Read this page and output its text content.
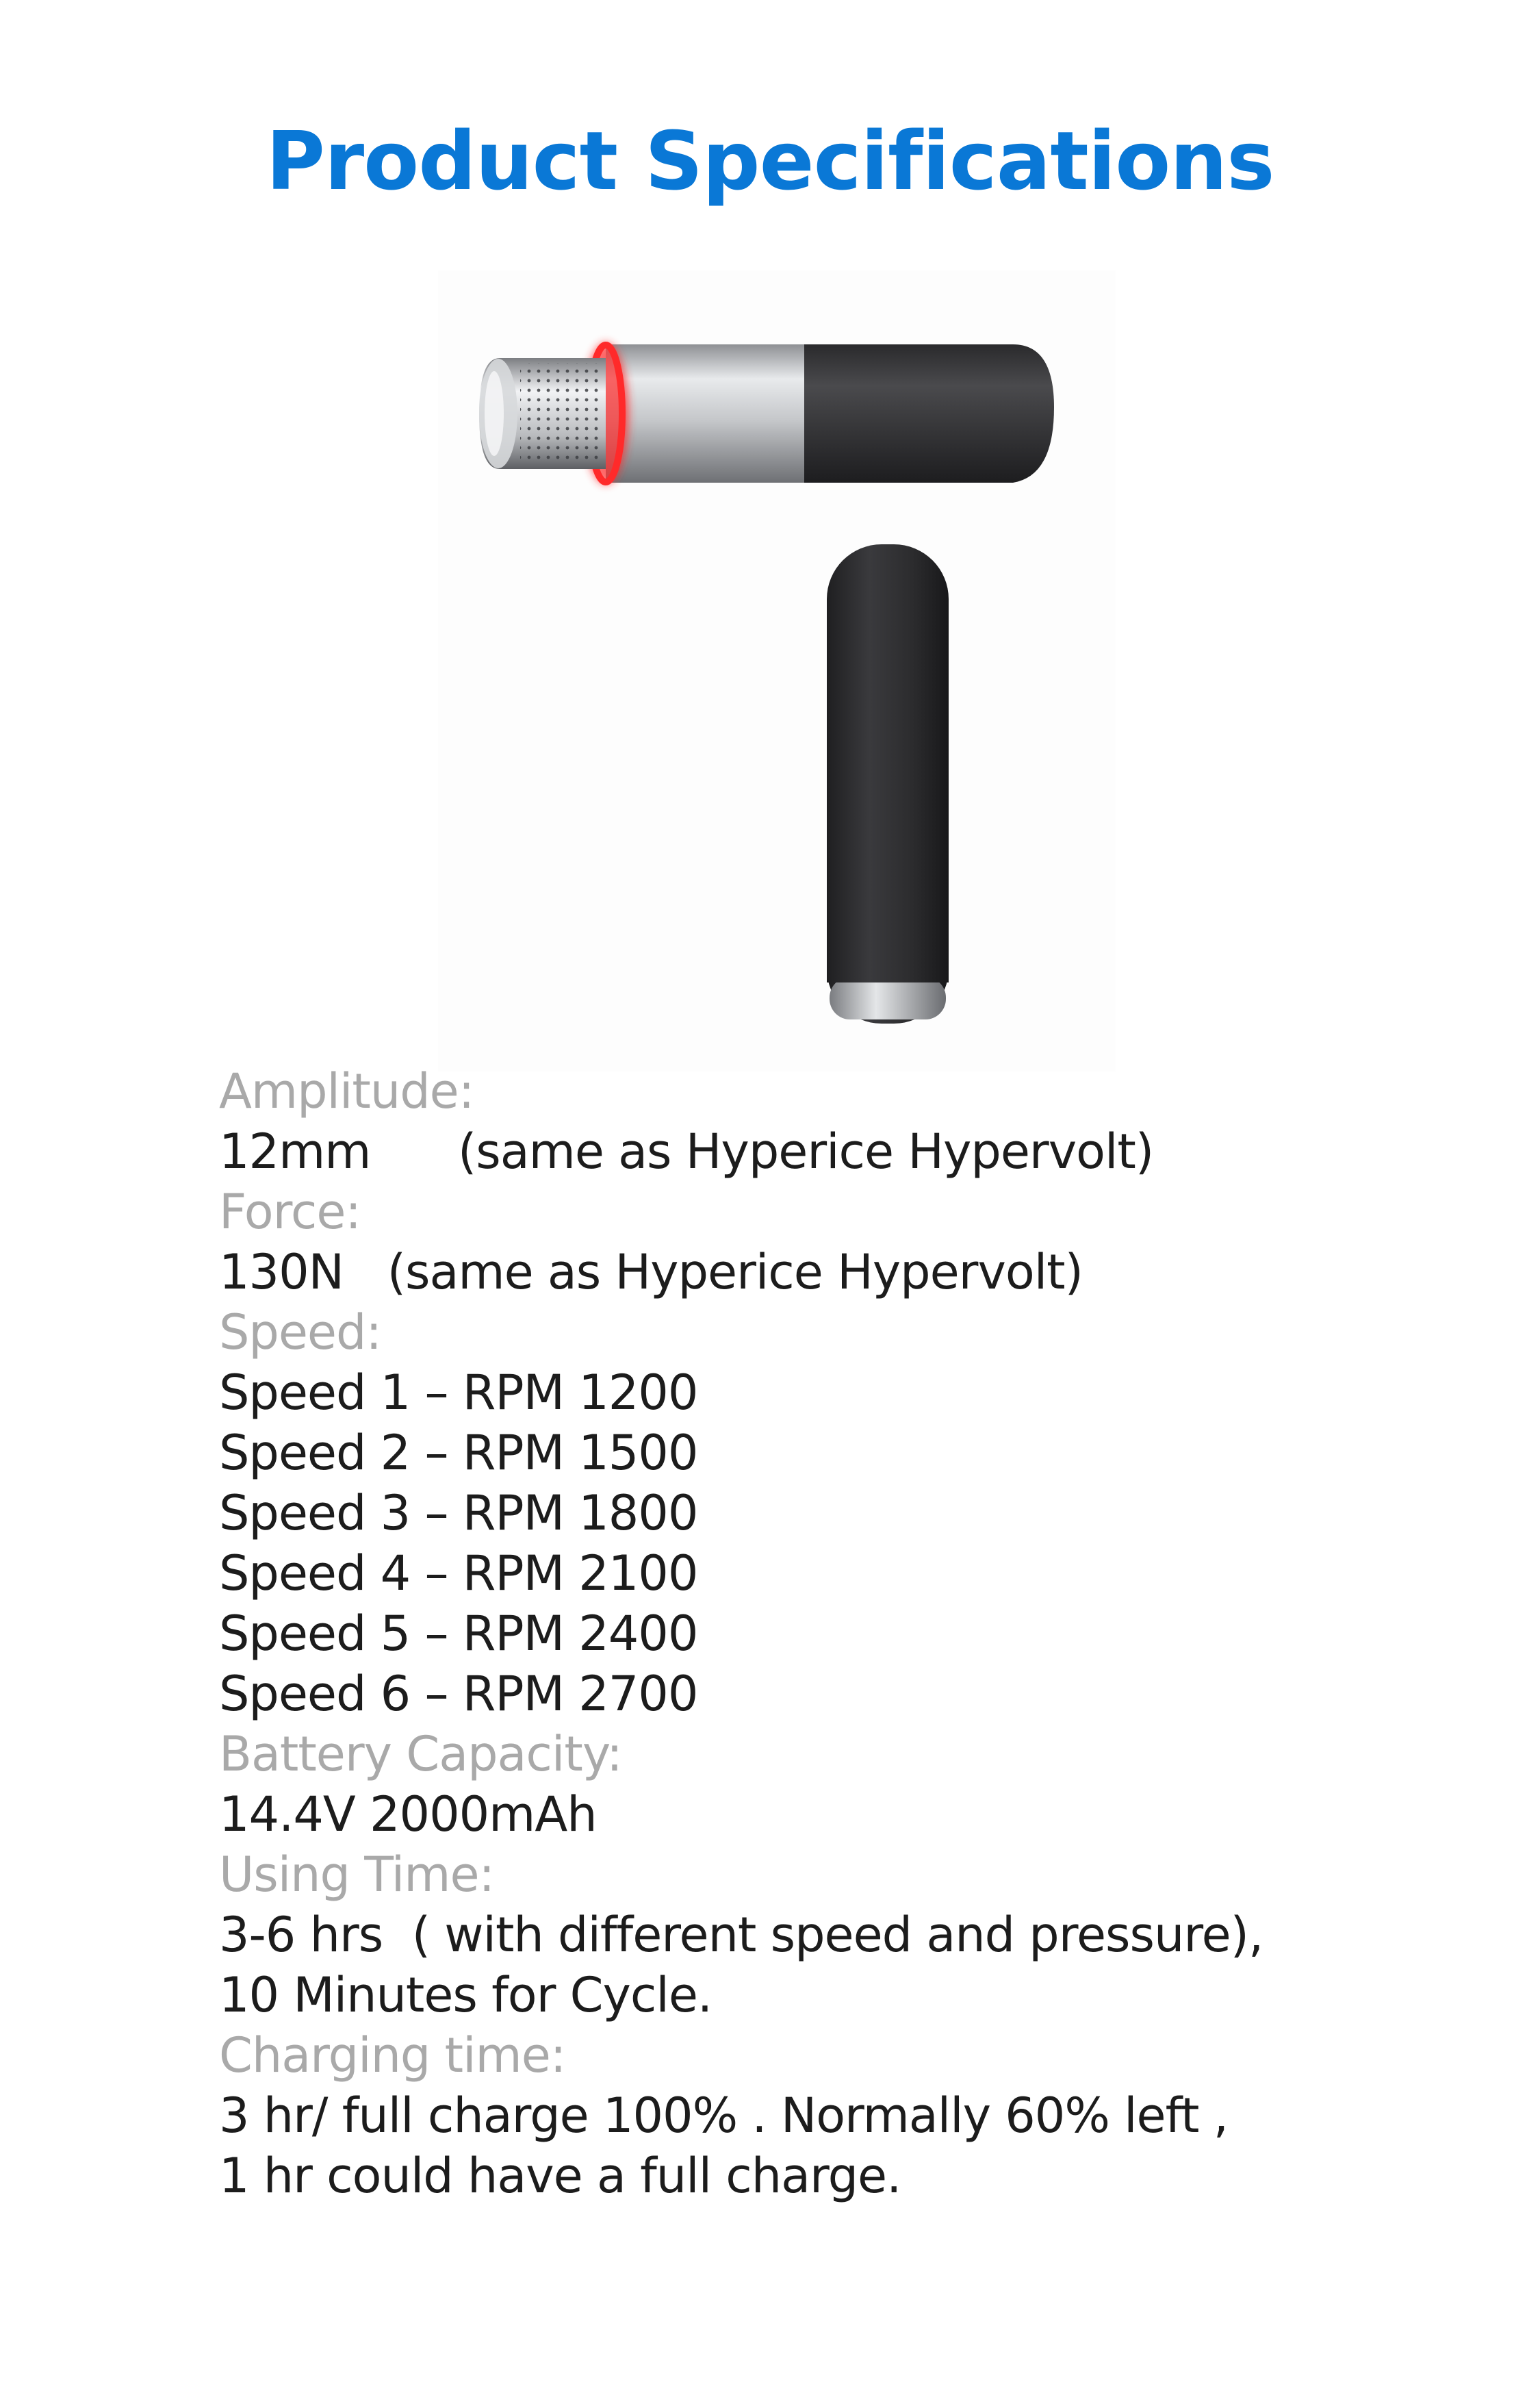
Product Specifications
Amplitude:
12mm      (same as Hyperice Hypervolt)
Force:
130N   (same as Hyperice Hypervolt)
Speed:
Speed 1 – RPM 1200
Speed 2 – RPM 1500
Speed 3 – RPM 1800
Speed 4 – RPM 2100
Speed 5 – RPM 2400
Speed 6 – RPM 2700
Battery Capacity:
14.4V 2000mAh
Using Time:
3-6 hrs  ( with different speed and pressure),
10 Minutes for Cycle.
Charging time:
3 hr/ full charge 100% . Normally 60% left ,
1 hr could have a full charge.
